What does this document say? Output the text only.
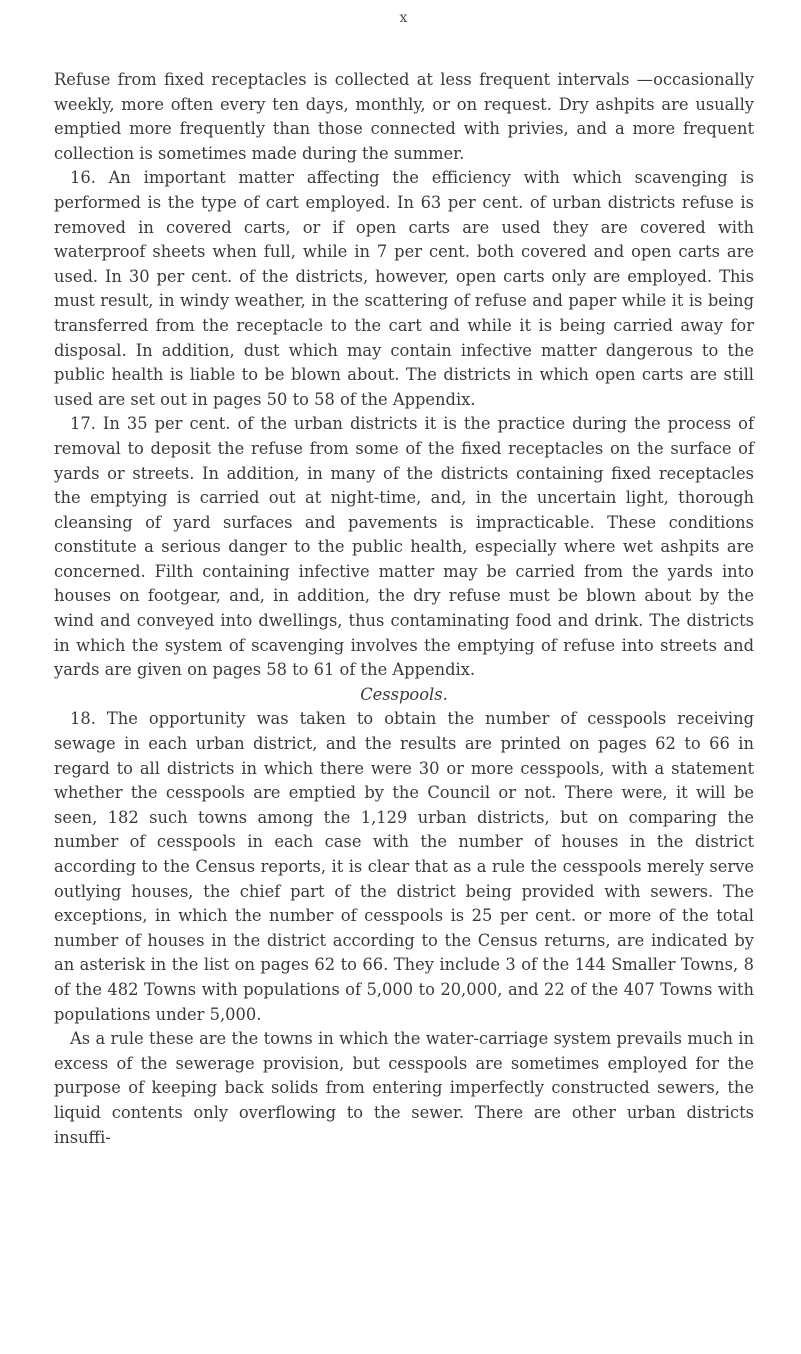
x

Refuse from fixed receptacles is collected at less frequent intervals —occasionally weekly, more often every ten days, monthly, or on request. Dry ashpits are usually emptied more frequently than those connected with privies, and a more frequent collection is sometimes made during the summer.

16. An important matter affecting the efficiency with which scavenging is performed is the type of cart employed. In 63 per cent. of urban districts refuse is removed in covered carts, or if open carts are used they are covered with waterproof sheets when full, while in 7 per cent. both covered and open carts are used. In 30 per cent. of the districts, however, open carts only are employed. This must result, in windy weather, in the scattering of refuse and paper while it is being transferred from the receptacle to the cart and while it is being carried away for disposal. In addition, dust which may contain infective matter dangerous to the public health is liable to be blown about. The districts in which open carts are still used are set out in pages 50 to 58 of the Appendix.

17. In 35 per cent. of the urban districts it is the practice during the process of removal to deposit the refuse from some of the fixed receptacles on the surface of yards or streets. In addition, in many of the districts containing fixed receptacles the emptying is carried out at night-time, and, in the uncertain light, thorough cleansing of yard surfaces and pavements is impracticable. These conditions constitute a serious danger to the public health, especially where wet ashpits are concerned. Filth containing infective matter may be carried from the yards into houses on footgear, and, in addition, the dry refuse must be blown about by the wind and conveyed into dwellings, thus contaminating food and drink. The districts in which the system of scavenging involves the emptying of refuse into streets and yards are given on pages 58 to 61 of the Appendix.

Cesspools.

18. The opportunity was taken to obtain the number of cesspools receiving sewage in each urban district, and the results are printed on pages 62 to 66 in regard to all districts in which there were 30 or more cesspools, with a statement whether the cesspools are emptied by the Council or not. There were, it will be seen, 182 such towns among the 1,129 urban districts, but on comparing the number of cesspools in each case with the number of houses in the district according to the Census reports, it is clear that as a rule the cesspools merely serve outlying houses, the chief part of the district being provided with sewers. The exceptions, in which the number of cesspools is 25 per cent. or more of the total number of houses in the district according to the Census returns, are indicated by an asterisk in the list on pages 62 to 66. They include 3 of the 144 Smaller Towns, 8 of the 482 Towns with populations of 5,000 to 20,000, and 22 of the 407 Towns with populations under 5,000.

As a rule these are the towns in which the water-carriage system prevails much in excess of the sewerage provision, but cesspools are sometimes employed for the purpose of keeping back solids from entering imperfectly constructed sewers, the liquid contents only overflowing to the sewer. There are other urban districts insuffi-
